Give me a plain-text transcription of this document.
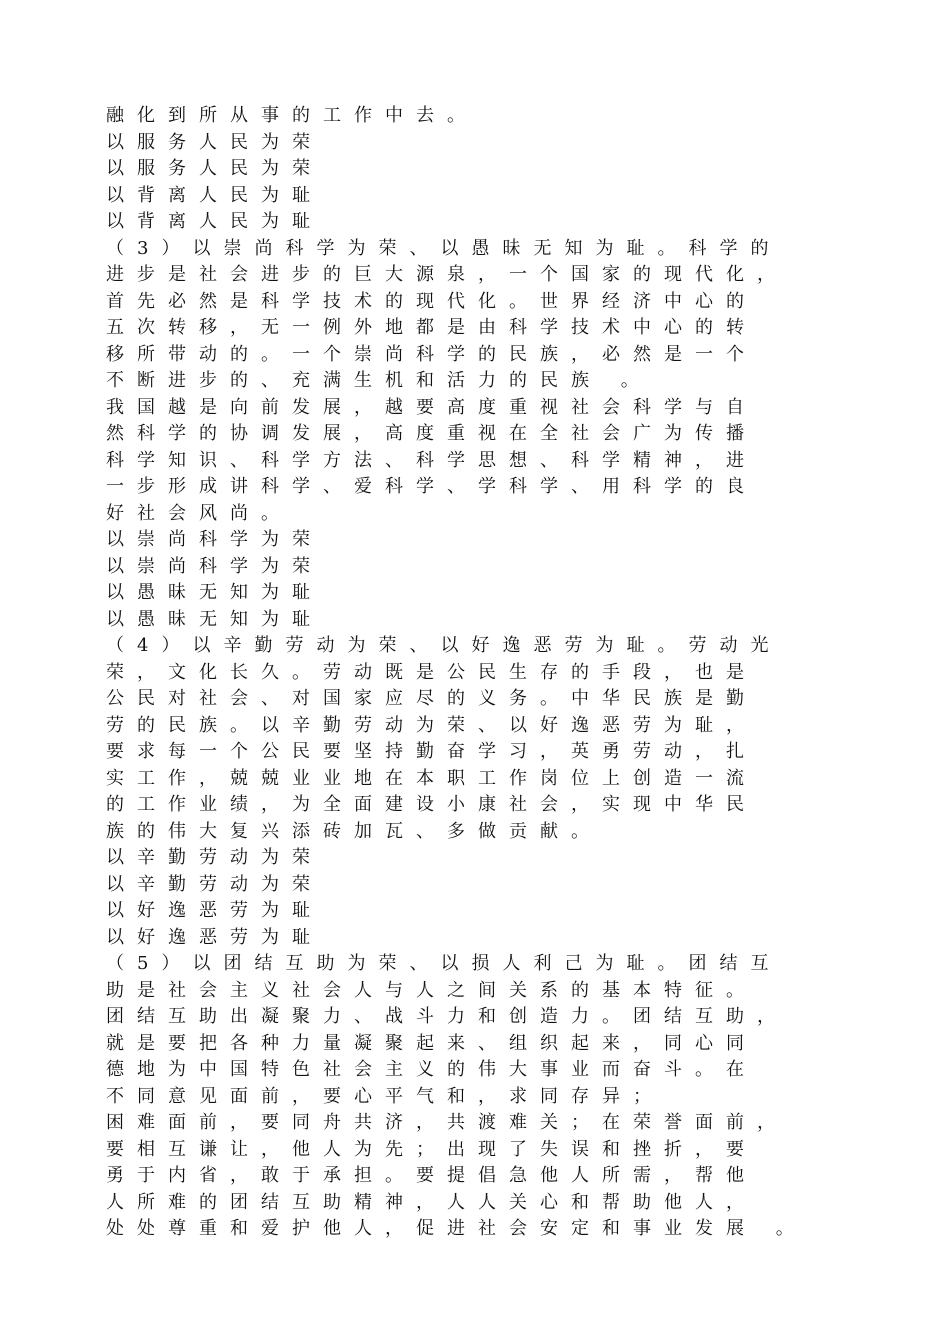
融化到所从事的工作中去。
以服务人民为荣
以服务人民为荣
以背离人民为耻
以背离人民为耻
（3）以崇尚科学为荣、以愚昧无知为耻。科学的
进步是社会进步的巨大源泉，一个国家的现代化，
首先必然是科学技术的现代化。世界经济中心的
五次转移，无一例外地都是由科学技术中心的转
移所带动的。一个崇尚科学的民族，必然是一个
不断进步的、充满生机和活力的民族 。
我国越是向前发展，越要高度重视社会科学与自
然科学的协调发展，高度重视在全社会广为传播
科学知识、科学方法、科学思想、科学精神，进
一步形成讲科学、爱科学、学科学、用科学的良
好社会风尚。
以崇尚科学为荣
以崇尚科学为荣
以愚昧无知为耻
以愚昧无知为耻
（4）以辛勤劳动为荣、以好逸恶劳为耻。劳动光
荣，文化长久。劳动既是公民生存的手段，也是
公民对社会、对国家应尽的义务。中华民族是勤
劳的民族。以辛勤劳动为荣、以好逸恶劳为耻，
要求每一个公民要坚持勤奋学习，英勇劳动，扎
实工作，兢兢业业地在本职工作岗位上创造一流
的工作业绩，为全面建设小康社会，实现中华民
族的伟大复兴添砖加瓦、多做贡献。
以辛勤劳动为荣
以辛勤劳动为荣
以好逸恶劳为耻
以好逸恶劳为耻
（5）以团结互助为荣、以损人利己为耻。团结互
助是社会主义社会人与人之间关系的基本特征。
团结互助出凝聚力、战斗力和创造力。团结互助，
就是要把各种力量凝聚起来、组织起来，同心同
德地为中国特色社会主义的伟大事业而奋斗。在
不同意见面前，要心平气和，求同存异；
困难面前，要同舟共济，共渡难关；在荣誉面前，
要相互谦让，他人为先；出现了失误和挫折，要
勇于内省，敢于承担。要提倡急他人所需，帮他
人所难的团结互助精神，人人关心和帮助他人，
处处尊重和爱护他人，促进社会安定和事业发展 。
